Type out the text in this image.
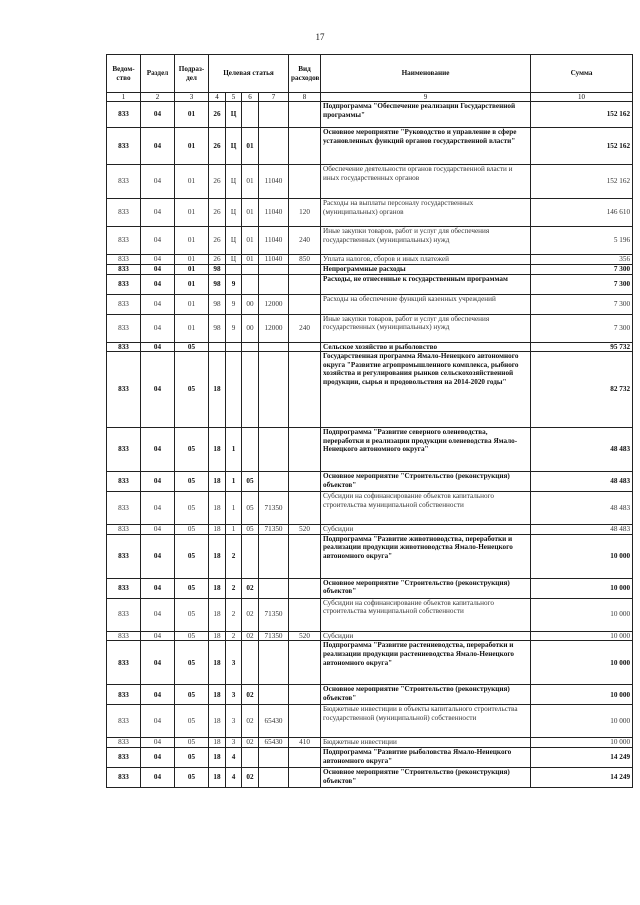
17
Ведом-ство	Раздел	Подраз-дел	Целевая статья				Вид расходов	Наименование	Сумма
1	2	3	4	5	6	7	8	9	10
833	04	01	26	Ц				Подпрограмма "Обеспечение реализации Государственной программы"	152 162
833	04	01	26	Ц	01			Основное мероприятие "Руководство и управление в сфере установленных функций органов государственной власти"	152 162
833	04	01	26	Ц	01	11040		Обеспечение деятельности органов государственной власти и иных государственных органов	152 162
833	04	01	26	Ц	01	11040	120	Расходы на выплаты персоналу государственных (муниципальных) органов	146 610
833	04	01	26	Ц	01	11040	240	Иные закупки товаров, работ и услуг для обеспечения государственных (муниципальных) нужд	5 196
833	04	01	26	Ц	01	11040	850	Уплата налогов, сборов и иных платежей	356
833	04	01	98					Непрограммные расходы	7 300
833	04	01	98	9				Расходы, не отнесенные к государственным программам	7 300
833	04	01	98	9	00	12000		Расходы на обеспечение функций казенных учреждений	7 300
833	04	01	98	9	00	12000	240	Иные закупки товаров, работ и услуг для обеспечения государственных (муниципальных) нужд	7 300
833	04	05						Сельское хозяйство и рыболовство	95 732
833	04	05	18					Государственная программа Ямало-Ненецкого автономного округа "Развитие агропромышленного комплекса, рыбного хозяйства и регулирования рынков сельскохозяйственной продукции, сырья и продовольствия на 2014-2020 годы"	82 732
833	04	05	18	1				Подпрограмма "Развитие северного оленеводства, переработки и реализации продукции оленеводства Ямало-Ненецкого автономного округа"	48 483
833	04	05	18	1	05			Основное мероприятие "Строительство (реконструкция) объектов"	48 483
833	04	05	18	1	05	71350		Субсидии на софинансирование объектов капитального строительства муниципальной собственности	48 483
833	04	05	18	1	05	71350	520	Субсидии	48 483
833	04	05	18	2				Подпрограмма "Развитие животноводства, переработки и реализации продукции животноводства Ямало-Ненецкого автономного округа"	10 000
833	04	05	18	2	02			Основное мероприятие "Строительство (реконструкция) объектов"	10 000
833	04	05	18	2	02	71350		Субсидии на софинансирование объектов капитального строительства муниципальной собственности	10 000
833	04	05	18	2	02	71350	520	Субсидии	10 000
833	04	05	18	3				Подпрограмма "Развитие растениеводства, переработки и реализации продукции растениеводства Ямало-Ненецкого автономного округа"	10 000
833	04	05	18	3	02			Основное мероприятие "Строительство (реконструкция) объектов"	10 000
833	04	05	18	3	02	65430		Бюджетные инвестиции в объекты капитального строительства государственной (муниципальной) собственности	10 000
833	04	05	18	3	02	65430	410	Бюджетные инвестиции	10 000
833	04	05	18	4				Подпрограмма "Развитие рыболовства Ямало-Ненецкого автономного округа"	14 249
833	04	05	18	4	02			Основное мероприятие "Строительство (реконструкция) объектов"	14 249
